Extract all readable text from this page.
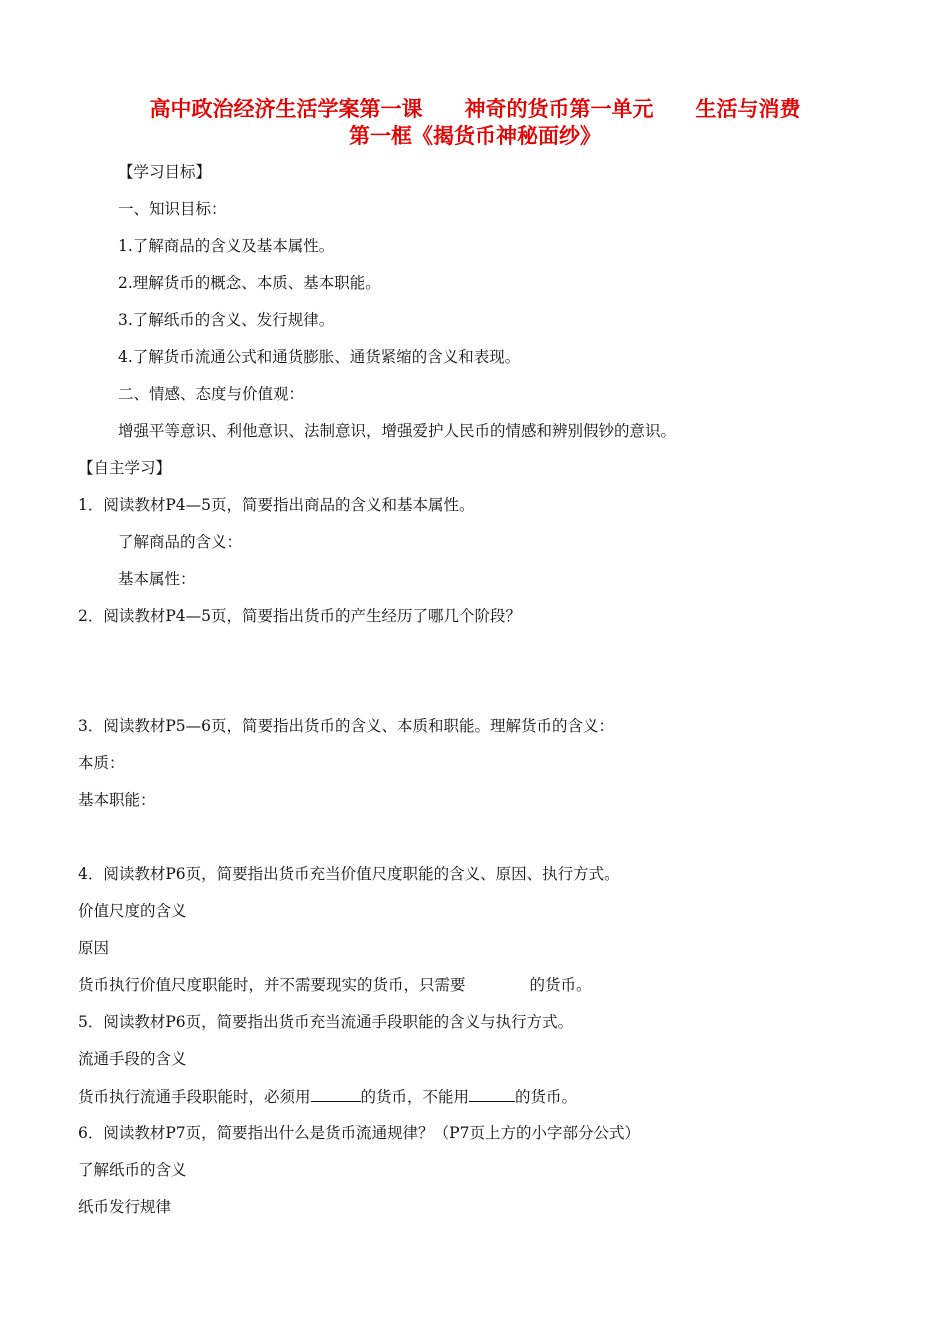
高中政治经济生活学案第一课　　神奇的货币第一单元　　生活与消费
第一框《揭货币神秘面纱》
【学习目标】
一、知识目标：
1.了解商品的含义及基本属性。
2.理解货币的概念、本质、基本职能。
3.了解纸币的含义、发行规律。
4.了解货币流通公式和通货膨胀、通货紧缩的含义和表现。
二、情感、态度与价值观：
增强平等意识、利他意识、法制意识，增强爱护人民币的情感和辨别假钞的意识。
【自主学习】
1．阅读教材P4—5页，简要指出商品的含义和基本属性。
了解商品的含义：
基本属性：
2．阅读教材P4—5页，简要指出货币的产生经历了哪几个阶段？
3．阅读教材P5—6页，简要指出货币的含义、本质和职能。理解货币的含义：
本质：
基本职能：
4．阅读教材P6页，简要指出货币充当价值尺度职能的含义、原因、执行方式。
价值尺度的含义
原因
货币执行价值尺度职能时，并不需要现实的货币，只需要	的货币。
5．阅读教材P6页，简要指出货币充当流通手段职能的含义与执行方式。
流通手段的含义
货币执行流通手段职能时，必须用	的货币，不能用	的货币。
6．阅读教材P7页，简要指出什么是货币流通规律？（P7页上方的小字部分公式）
了解纸币的含义
纸币发行规律
